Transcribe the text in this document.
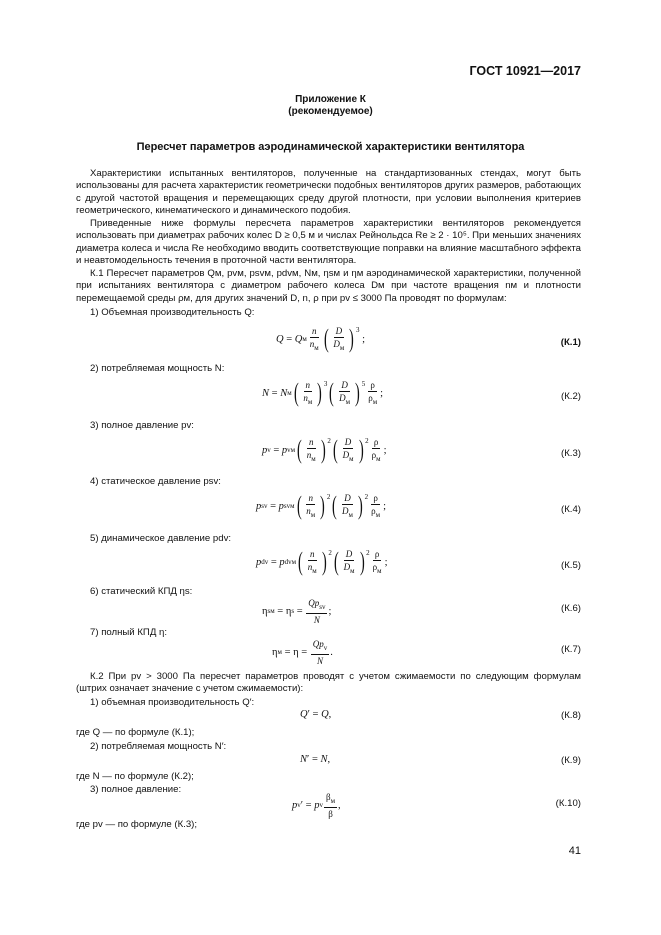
ГОСТ 10921—2017
Приложение К
(рекомендуемое)
Пересчет параметров аэродинамической характеристики вентилятора
Характеристики испытанных вентиляторов, полученные на стандартизованных стендах, могут быть использованы для расчета характеристик геометрически подобных вентиляторов других размеров, работающих с другой частотой вращения и перемещающих среду другой плотности, при условии выполнения критериев геометрического, кинематического и динамического подобия.
Приведенные ниже формулы пересчета параметров характеристики вентиляторов рекомендуется использовать при диаметрах рабочих колес D ≥ 0,5 м и числах Рейнольдса Re ≥ 2 · 10⁵. При меньших значениях диаметра колеса и числа Re необходимо вводить соответствующие поправки на влияние масштабного эффекта и неавтомодельность течения в проточной части вентилятора.
К.1 Пересчет параметров Qм, pvм, psvм, pdvм, Nм, ηsм и ηм аэродинамической характеристики, полученной при испытаниях вентилятора с диаметром рабочего колеса Dм при частоте вращения nм и плотности перемещаемой среды ρм, для других значений D, n, ρ при pv ≤ 3000 Па проводят по формулам:
1) Объемная производительность Q:
Q = Q м $\frac{n}{n_м}$ ( $\frac{D}{D_м}$ ) $^3$
;	(К.1)
2) потребляемая мощность N:
N = N м ( $\frac{n}{n_м}$ ) $^3$ ( $\frac{D}{D_м}$ ) $^5 \frac{\rho}{\rho_м}$ ;	(К.2)
3) полное давление pv:
p v = p vм ( $\frac{n}{n_м}$ ) $^2$ ( $\frac{D}{D_м}$ ) $^2 \frac{\rho}{\rho_м}$ ;	(К.3)
4) статическое давление psv:
p sv = p svм ( $\frac{n}{n_м}$ ) $^2$ ( $\frac{D}{D_м}$ ) $^2 \frac{\rho}{\rho_м}$ ;	(К.4)
5) динамическое давление pdv:
p dv = p dvм ( $\frac{n}{n_м}$ ) $^2$ ( $\frac{D}{D_м}$ ) $^2 \frac{\rho}{\rho_м}$ ;	(К.5)
6) статический КПД ηs:
η sм = η $s = \frac{Qp_{sv}}{N}$ ;	(К.6)
7) полный КПД η:
η $м = \eta = \frac{Qp_v}{N}$ .	(К.7)
К.2 При pv > 3000 Па пересчет параметров проводят с учетом сжимаемости по следующим формулам (штрих означает значение с учетом сжимаемости):
1) объемная производительность Q′:
Q ′ = Q ,	(К.8)
где Q — по формуле (К.1);
2) потребляемая мощность N′:
N ′ = N ,	(К.9)
где N — по формуле (К.2);
3) полное давление:
p v ′ = p v $\frac{\beta_м}{\beta}$ ,	(К.10)
где pv — по формуле (К.3);
41
